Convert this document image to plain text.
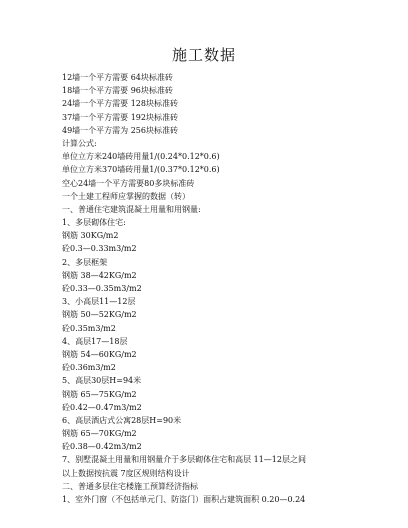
施工数据
12墙一个平方需要 64块标准砖
18墙一个平方需要 96块标准砖
24墙一个平方需要 128块标准砖
37墙一个平方需要 192块标准砖
49墙一个平方需为 256块标准砖
计算公式:
单位立方米240墙砖用量1/(0.24*0.12*0.6)
单位立方米370墙砖用量1/(0.37*0.12*0.6)
空心24墙一个平方需要80多块标准砖
一个土建工程师应掌握的数据（转）
一、普通住宅建筑混凝土用量和用钢量:
1、多层砌体住宅:
钢筋 30KG/m2
砼0.3—0.33m3/m2
2、多层框架
钢筋 38—42KG/m2
砼0.33—0.35m3/m2
3、小高层11—12层
钢筋 50—52KG/m2
砼0.35m3/m2
4、高层17—18层
钢筋 54—60KG/m2
砼0.36m3/m2
5、高层30层H=94米
钢筋 65—75KG/m2
砼0.42—0.47m3/m2
6、高层酒店式公寓28层H=90米
钢筋 65—70KG/m2
砼0.38—0.42m3/m2
7、别墅混凝土用量和用钢量介于多层砌体住宅和高层 11—12层之间
以上数据按抗震 7度区规则结构设计
二、普通多层住宅楼施工预算经济指标
1、室外门窗（不包括单元门、防盗门）面积占建筑面积 0.20—0.24
